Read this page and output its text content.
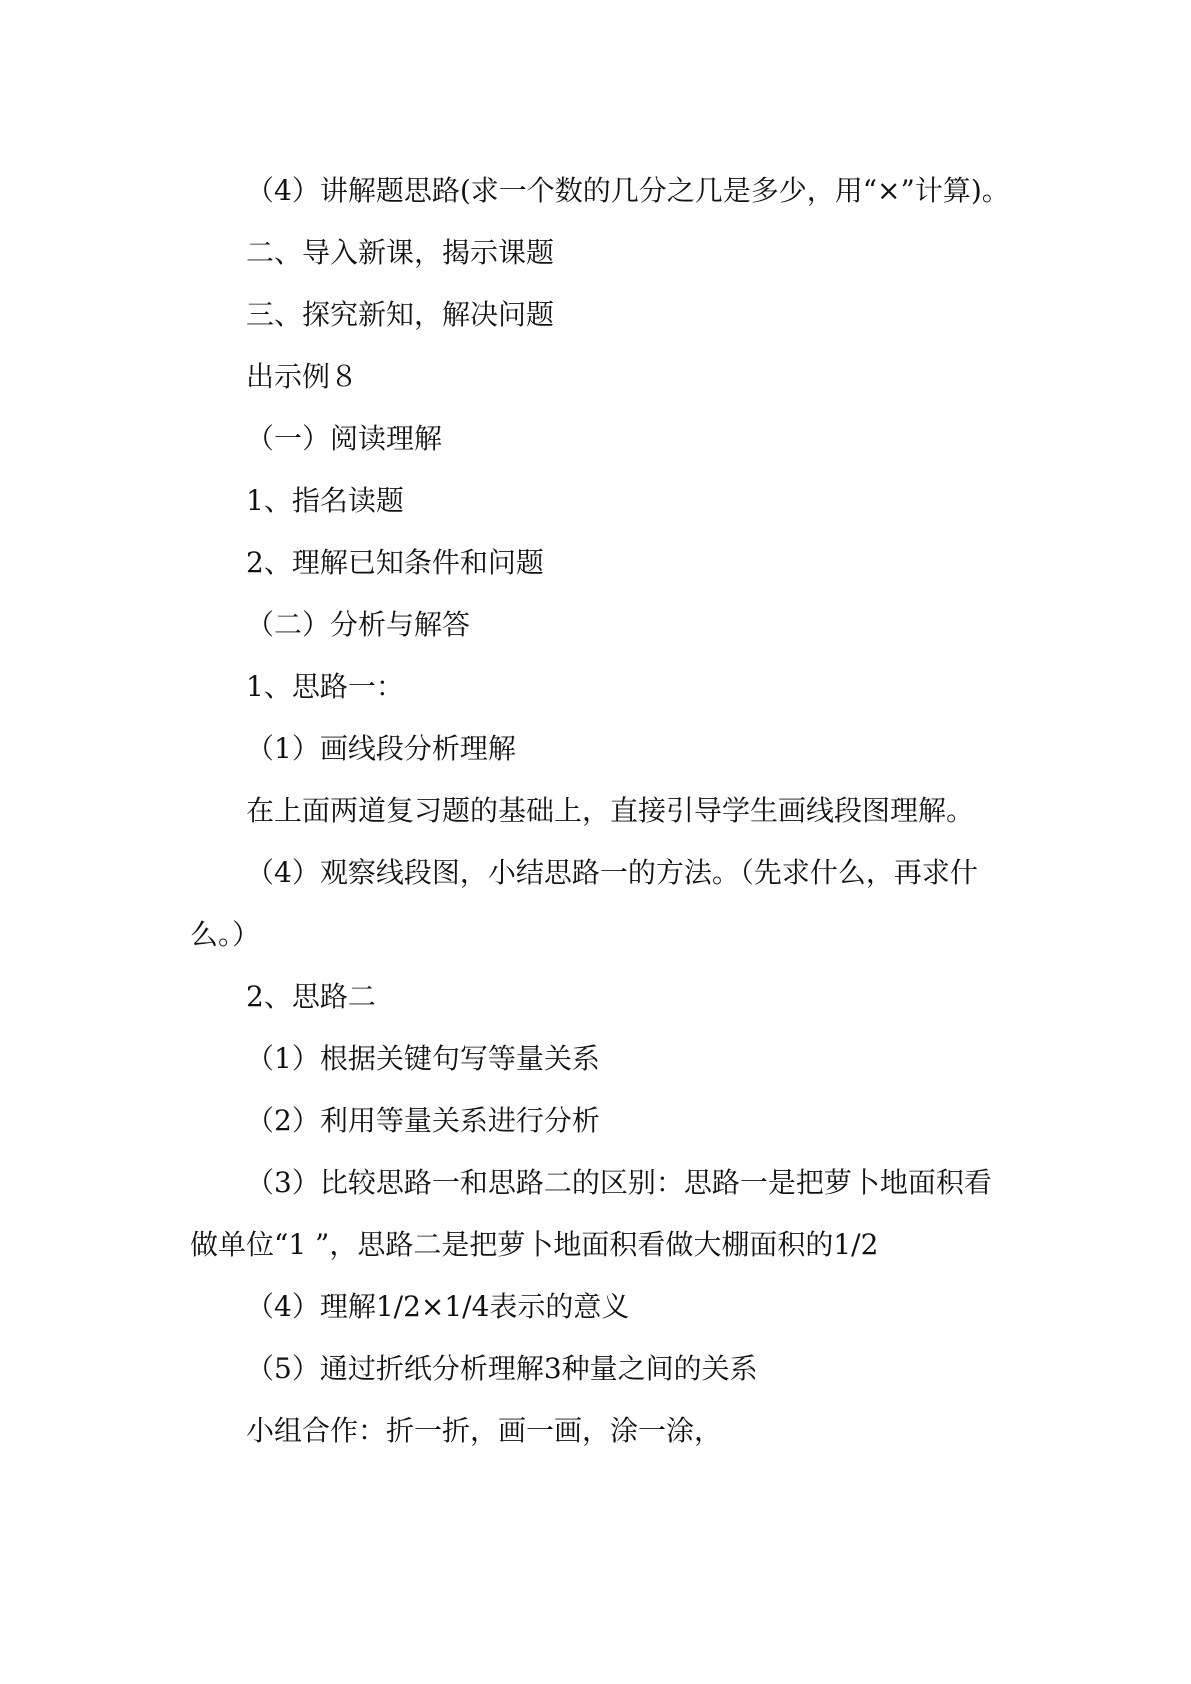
（4）讲解题思路(求一个数的几分之几是多少，用“×”计算)。

二、导入新课，揭示课题

三、探究新知，解决问题

出示例８

（一）阅读理解

1、指名读题

2、理解已知条件和问题

（二）分析与解答

1、思路一：

（1）画线段分析理解

在上面两道复习题的基础上，直接引导学生画线段图理解。

（4）观察线段图，小结思路一的方法。（先求什么，再求什么。）

2、思路二

（1）根据关键句写等量关系

（2）利用等量关系进行分析

（3）比较思路一和思路二的区别：思路一是把萝卜地面积看做单位“1 ”，思路二是把萝卜地面积看做大棚面积的1/2

（4）理解1/2×1/4表示的意义

（5）通过折纸分析理解3种量之间的关系

小组合作：折一折，画一画，涂一涂，
